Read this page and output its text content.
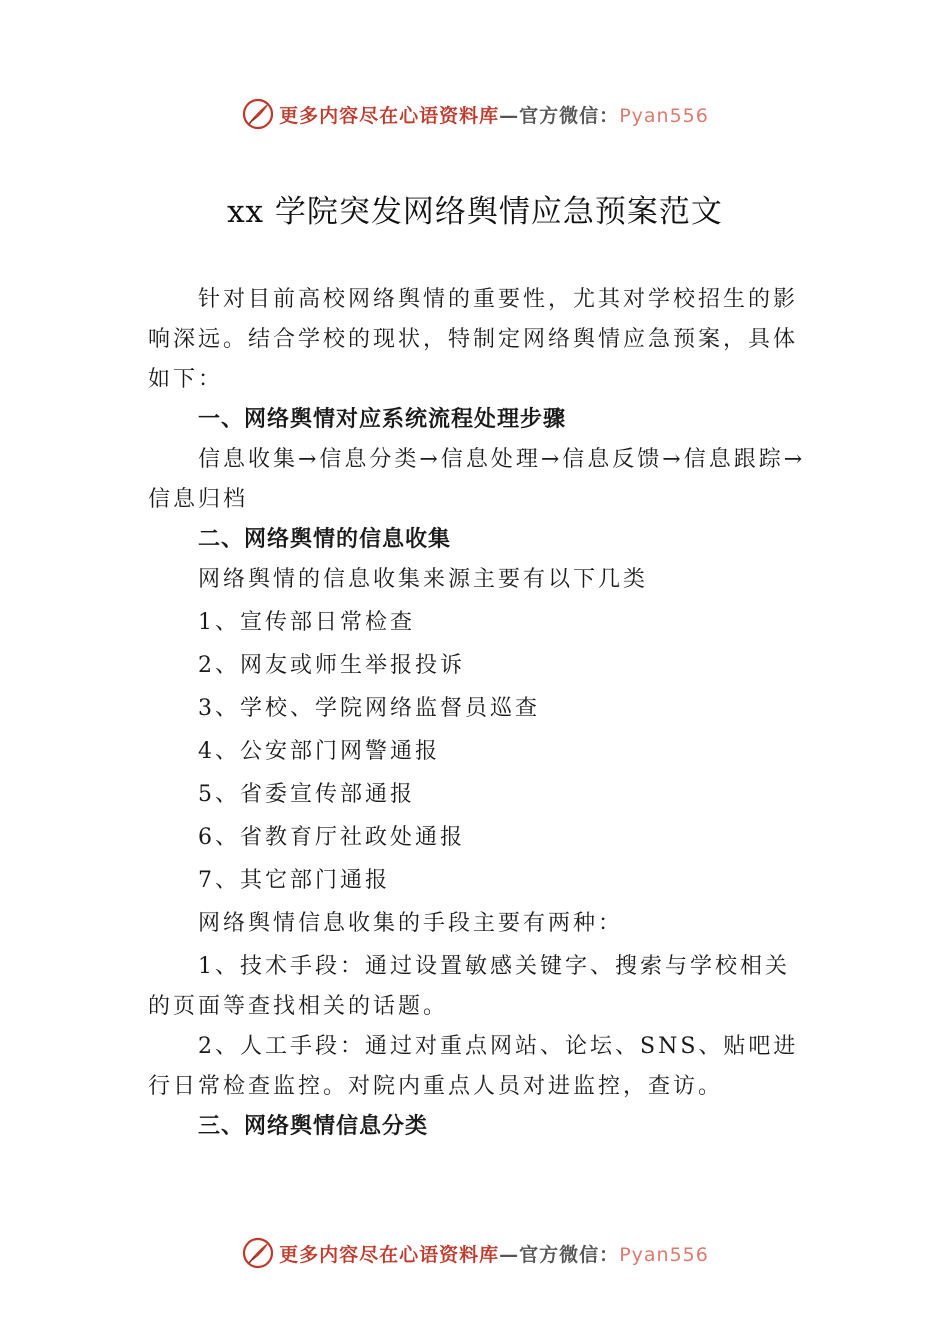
更多内容尽在心语资料库—官方微信：Pyan556
xx 学院突发网络舆情应急预案范文

针对目前高校网络舆情的重要性，尤其对学校招生的影响深远。结合学校的现状，特制定网络舆情应急预案，具体如下：

一、网络舆情对应系统流程处理步骤

信息收集→信息分类→信息处理→信息反馈→信息跟踪→信息归档

二、网络舆情的信息收集

网络舆情的信息收集来源主要有以下几类

1、宣传部日常检查

2、网友或师生举报投诉

3、学校、学院网络监督员巡查

4、公安部门网警通报

5、省委宣传部通报

6、省教育厅社政处通报

7、其它部门通报

网络舆情信息收集的手段主要有两种：

1、技术手段：通过设置敏感关键字、搜索与学校相关的页面等查找相关的话题。

2、人工手段：通过对重点网站、论坛、SNS、贴吧进行日常检查监控。对院内重点人员对进监控，查访。

三、网络舆情信息分类

更多内容尽在心语资料库—官方微信：Pyan556
